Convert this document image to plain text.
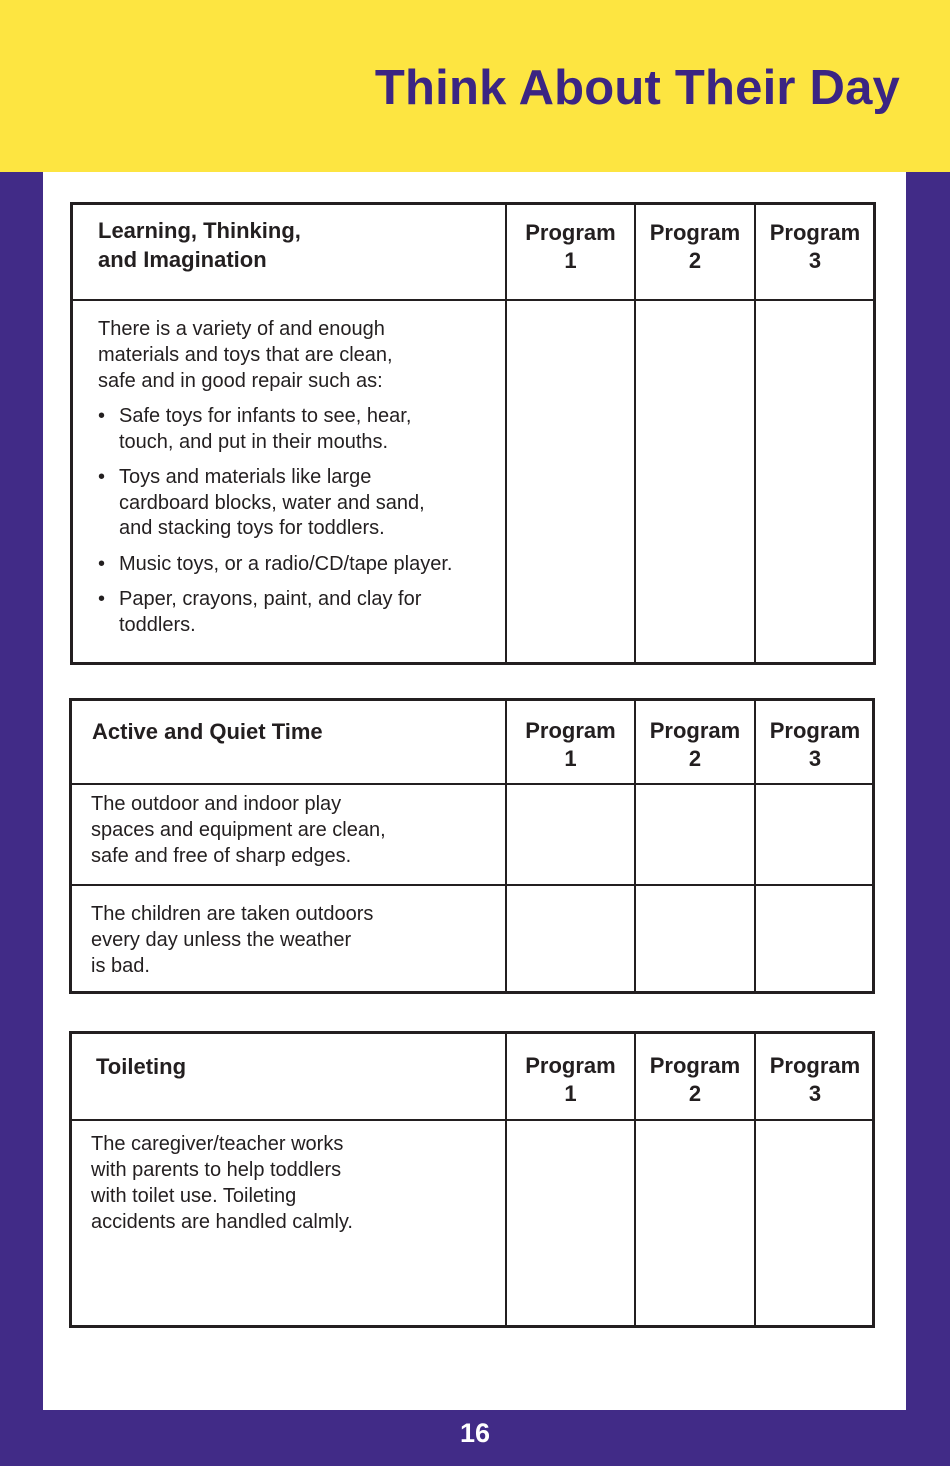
Think About Their Day

Learning, Thinking,
and Imagination

Program
1
Program
2
Program
3

There is a variety of and enough
materials and toys that are clean,
safe and in good repair such as:

• Safe toys for infants to see, hear,
touch, and put in their mouths.
• Toys and materials like large
cardboard blocks, water and sand,
and stacking toys for toddlers.
• Music toys, or a radio/CD/tape player.
• Paper, crayons, paint, and clay for
toddlers.

Active and Quiet Time	Program
1
Program
2
Program
3

The outdoor and indoor play
spaces and equipment are clean,
safe and free of sharp edges.

The children are taken outdoors
every day unless the weather
is bad.

Toileting	Program
1
Program
2
Program
3

The caregiver/teacher works
with parents to help toddlers
with toilet use. Toileting
accidents are handled calmly.

16
